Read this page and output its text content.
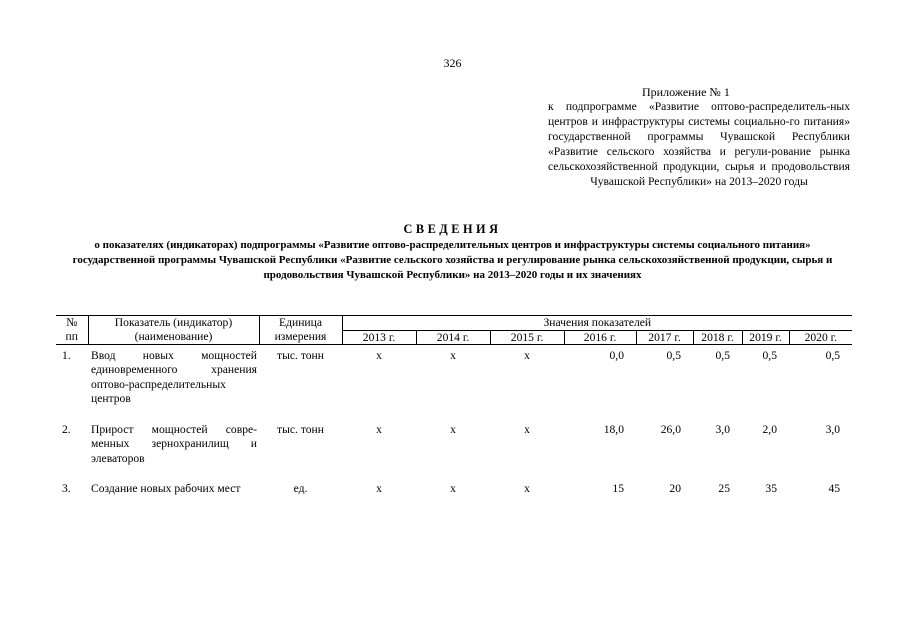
326
Приложение № 1
к подпрограмме «Развитие оптово-распределитель-ных центров и инфраструктуры системы социально-го питания» государственной программы Чувашской Республики «Развитие сельского хозяйства и регули-рование рынка сельскохозяйственной продукции, сырья и продовольствия Чувашской Республики» на 2013–2020 годы
СВЕДЕНИЯ
о показателях (индикаторах) подпрограммы «Развитие оптово-распределительных центров и инфраструктуры системы социального питания» государственной программы Чувашской Республики «Развитие сельского хозяйства и регулирование рынка сельскохозяйственной продукции, сырья и продовольствия Чувашской Республики» на 2013–2020 годы и их значениях
№	Показатель (индикатор)	Единица	Значения показателей							
пп	(наименование)	измерения	2013 г.	2014 г.	2015 г.	2016 г.	2017 г.	2018 г.	2019 г.	2020 г.
1.	Ввод новых мощностей единовременного хранения оптово-распределительных центров	тыс. тонн	х	х	х	0,0	0,5	0,5	0,5	0,5
2.	Прирост мощностей совре-менных зернохранилищ и элеваторов	тыс. тонн	х	х	х	18,0	26,0	3,0	2,0	3,0
3.	Создание новых рабочих мест	ед.	х	х	х	15	20	25	35	45
